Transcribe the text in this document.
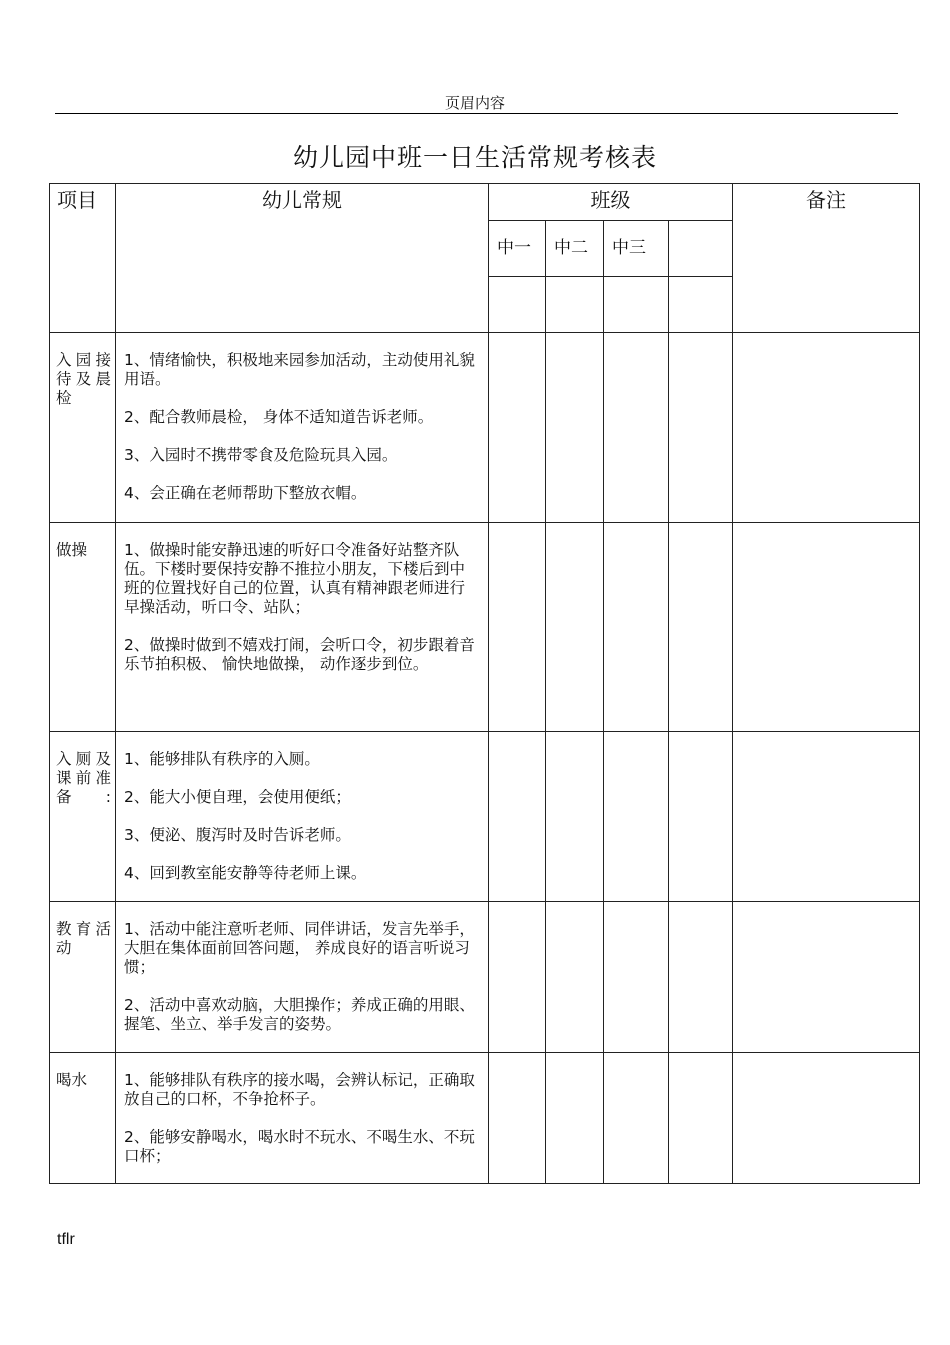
页眉内容
幼儿园中班一日生活常规考核表
项目	幼儿常规	班级				备注
		中一	中二	中三		

入园接待及晨检	1、情绪愉快，积极地来园参加活动，主动使用礼貌用语。
2、配合教师晨检， 身体不适知道告诉老师。
3、入园时不携带零食及危险玩具入园。
4、会正确在老师帮助下整放衣帽。					

做操	1、做操时能安静迅速的听好口令准备好站整齐队伍。下楼时要保持安静不推拉小朋友，下楼后到中班的位置找好自己的位置，认真有精神跟老师进行早操活动，听口令、站队；
2、做操时做到不嬉戏打闹，会听口令，初步跟着音乐节拍积极、 愉快地做操， 动作逐步到位。					

入厕及课前准备:	1、能够排队有秩序的入厕。
2、能大小便自理，会使用便纸；
3、便泌、腹泻时及时告诉老师。
4、回到教室能安静等待老师上课。					

教育活动	1、活动中能注意听老师、同伴讲话，发言先举手，大胆在集体面前回答问题， 养成良好的语言听说习惯；
2、活动中喜欢动脑，大胆操作；养成正确的用眼、握笔、坐立、举手发言的姿势。					

喝水	1、能够排队有秩序的接水喝，会辨认标记，正确取放自己的口杯，不争抢杯子。
2、能够安静喝水，喝水时不玩水、不喝生水、不玩口杯；					

tflr
